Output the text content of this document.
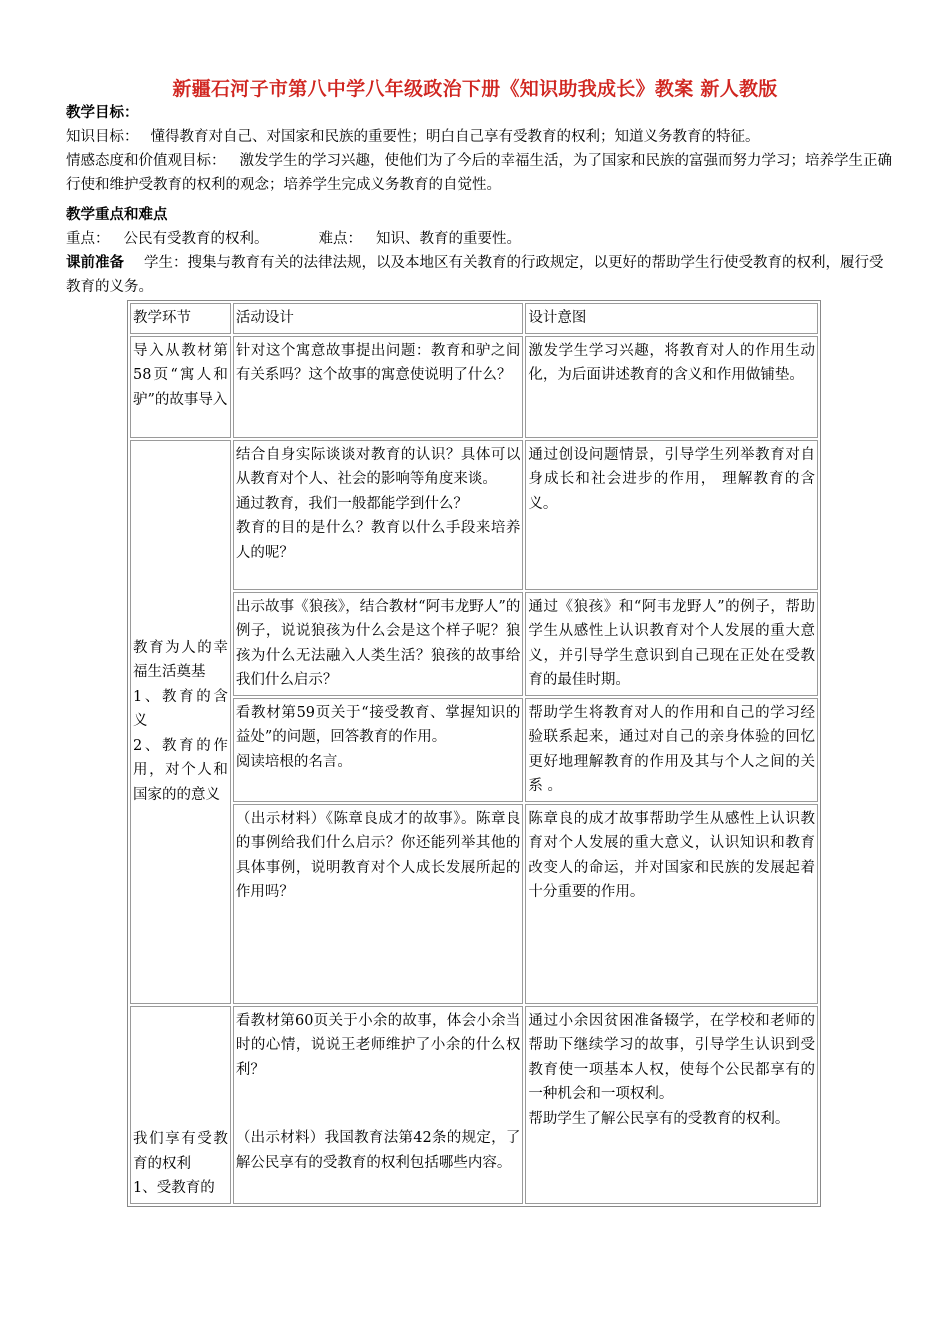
新疆石河子市第八中学八年级政治下册《知识助我成长》教案 新人教版
教学目标：
知识目标： 懂得教育对自己、对国家和民族的重要性；明白自己享有受教育的权利；知道义务教育的特征。
情感态度和价值观目标： 激发学生的学习兴趣，使他们为了今后的幸福生活，为了国家和民族的富强而努力学习；培养学生正确行使和维护受教育的权利的观念；培养学生完成义务教育的自觉性。
教学重点和难点
重点： 公民有受教育的权利。	难点： 知识、教育的重要性。
课前准备 学生：搜集与教育有关的法律法规，以及本地区有关教育的行政规定，以更好的帮助学生行使受教育的权利，履行受教育的义务。
教学环节	活动设计	设计意图
导入从教材第58页“寓人和驴”的故事导入	针对这个寓意故事提出问题：教育和驴之间有关系吗？这个故事的寓意使说明了什么？	激发学生学习兴趣，将教育对人的作用生动化，为后面讲述教育的含义和作用做铺垫。

教育为人的幸福生活奠基
1、教育的含义
2、教育的作用，对个人和国家的的意义	结合自身实际谈谈对教育的认识？具体可以从教育对个人、社会的影响等角度来谈。
通过教育，我们一般都能学到什么？
教育的目的是什么？教育以什么手段来培养人的呢？	通过创设问题情景，引导学生列举教育对自身成长和社会进步的作用， 理解教育的含义。
	出示故事《狼孩》，结合教材“阿韦龙野人”的例子，说说狼孩为什么会是这个样子呢？狼孩为什么无法融入人类生活？狼孩的故事给我们什么启示？	通过《狼孩》和“阿韦龙野人”的例子，帮助学生从感性上认识教育对个人发展的重大意义，并引导学生意识到自己现在正处在受教育的最佳时期。

	看教材第59页关于“接受教育、掌握知识的益处”的问题，回答教育的作用。
阅读培根的名言。	帮助学生将教育对人的作用和自己的学习经验联系起来，通过对自己的亲身体验的回忆更好地理解教育的作用及其与个人之间的关系 。
	（出示材料）《陈章良成才的故事》。陈章良的事例给我们什么启示？你还能列举其他的具体事例，说明教育对个人成长发展所起的作用吗？	陈章良的成才故事帮助学生从感性上认识教育对个人发展的重大意义，认识知识和教育改变人的命运，并对国家和民族的发展起着十分重要的作用。

我们享有受教育的权利
1、受教育的	看教材第60页关于小余的故事，体会小余当时的心情，说说王老师维护了小余的什么权利？
（出示材料）我国教育法第42条的规定，了解公民享有的受教育的权利包括哪些内容。	通过小余因贫困准备辍学，在学校和老师的帮助下继续学习的故事，引导学生认识到受教育使一项基本人权，使每个公民都享有的一种机会和一项权利。
帮助学生了解公民享有的受教育的权利。
